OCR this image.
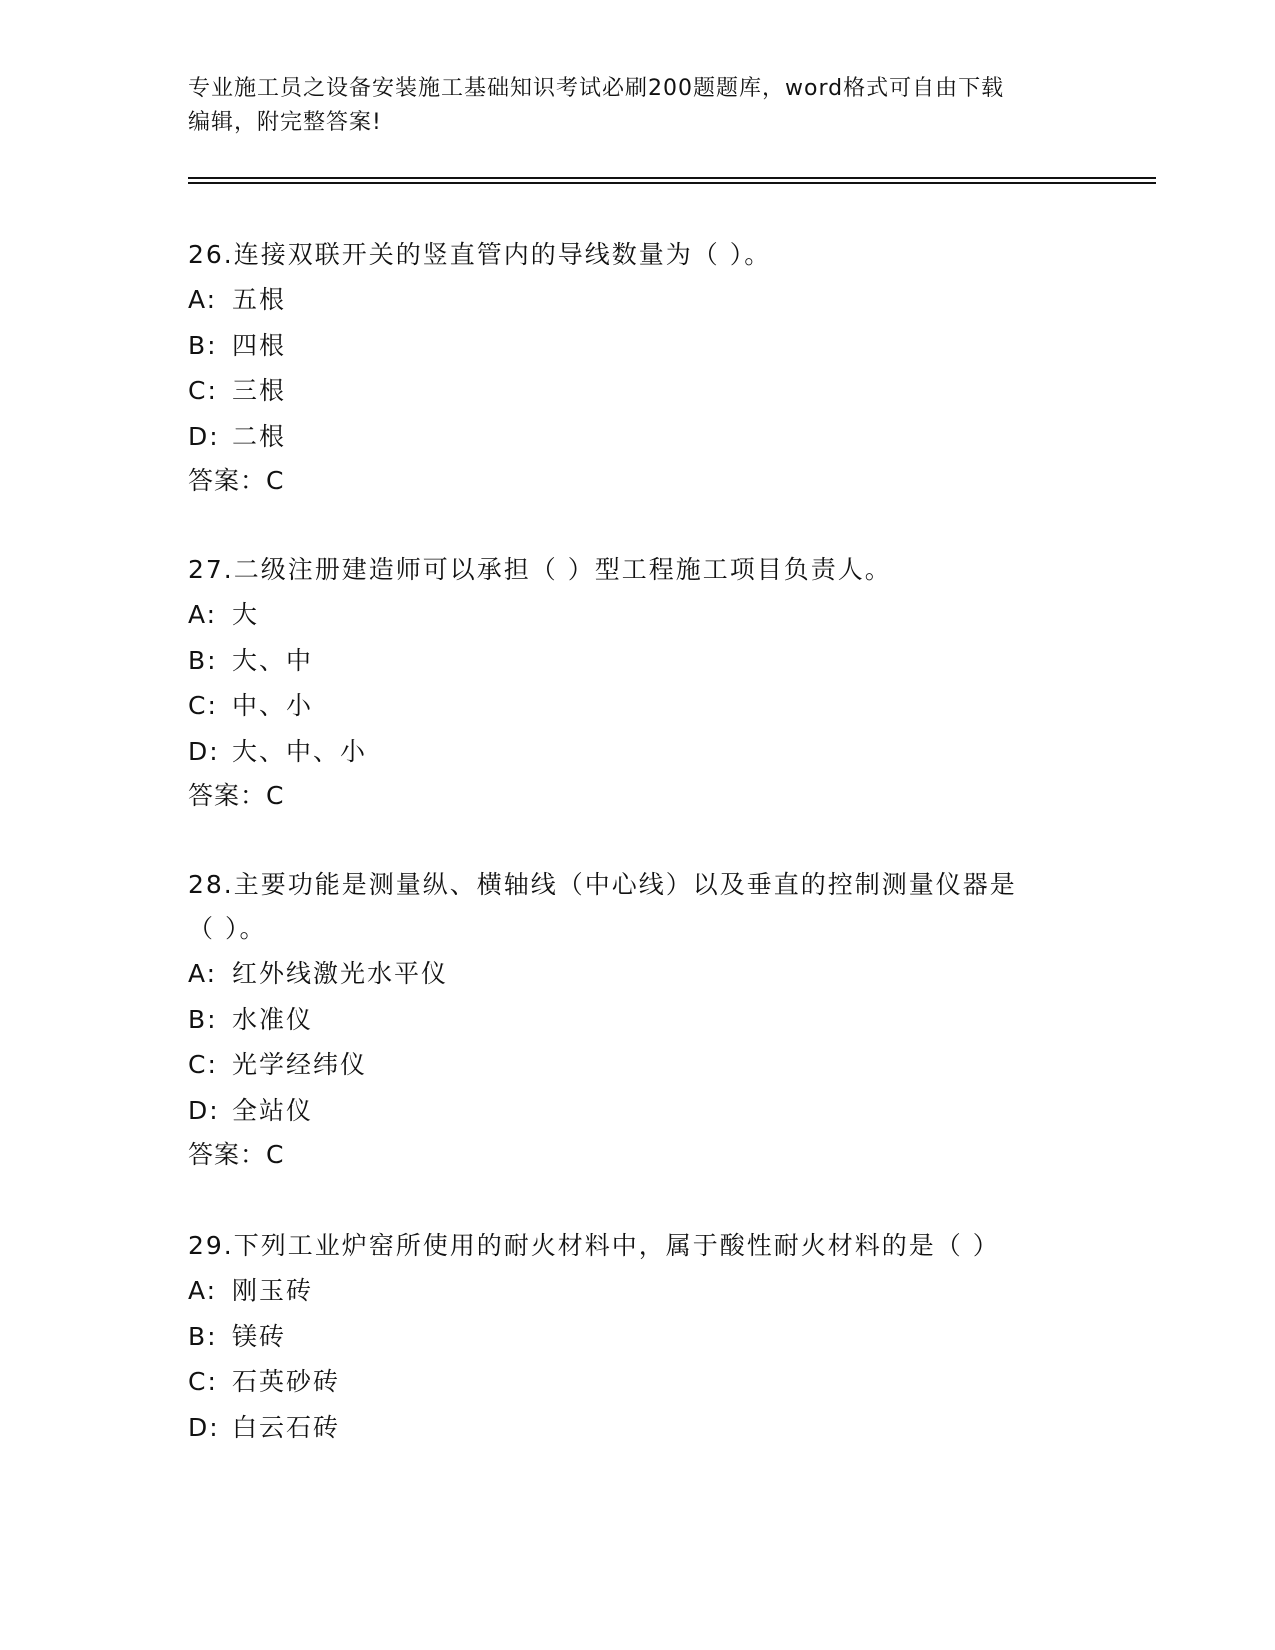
专业施工员之设备安装施工基础知识考试必刷200题题库，word格式可自由下载
编辑，附完整答案!
26.连接双联开关的竖直管内的导线数量为（ ）。
A: 五根
B: 四根
C: 三根
D: 二根
答案：C
27.二级注册建造师可以承担（ ）型工程施工项目负责人。
A: 大
B: 大、中
C: 中、小
D: 大、中、小
答案：C
28.主要功能是测量纵、横轴线（中心线）以及垂直的控制测量仪器是
（ ）。
A: 红外线激光水平仪
B: 水准仪
C: 光学经纬仪
D: 全站仪
答案：C
29.下列工业炉窑所使用的耐火材料中，属于酸性耐火材料的是（ ）
A: 刚玉砖
B: 镁砖
C: 石英砂砖
D: 白云石砖
